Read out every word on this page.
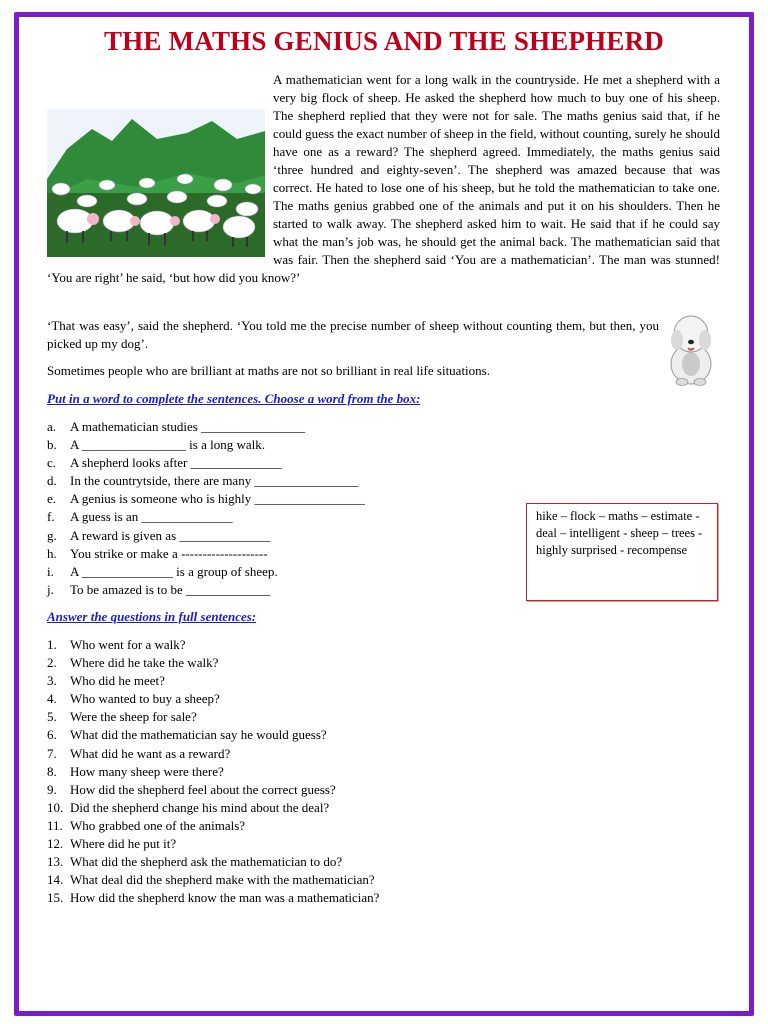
THE MATHS GENIUS AND THE SHEPHERD

A mathematician went for a long walk in the countryside. He met a shepherd with a very big flock of sheep. He asked the shepherd how much to buy one of his sheep. The shepherd replied that they were not for sale. The maths genius said that, if he could guess the exact number of sheep in the field, without counting, surely he should have one as a reward? The shepherd agreed. Immediately, the maths genius said ‘three hundred and eighty-seven’. The shepherd was amazed because that was correct. He hated to lose one of his sheep, but he told the mathematician to take one. The maths genius grabbed one of the animals and put it on his shoulders. Then he started to walk away. The shepherd asked him to wait. He said that if he could say what the man’s job was, he should get the animal back. The mathematician said that was fair. Then the shepherd said ‘You are a mathematician’. The man was stunned! ‘You are right’ he said, ‘but how did you know?’

‘That was easy’, said the shepherd. ‘You told me the precise number of sheep without counting them, but then, you picked up my dog’.

Sometimes people who are brilliant at maths are not so brilliant in real life situations.

Put in a word to complete the sentences. Choose a word from the box:

a.	A mathematician studies ________________
b.	A ________________ is a long walk.
c.	A shepherd looks after ______________
d.	In the countrytside, there are many ________________
e.	A genius is someone who is highly _________________
f.	A guess is an ______________
g.	A reward is given as ______________
h.	You strike or make a --------------------
i.	A ______________ is a group of sheep.
j.	To be amazed is to be _____________
hike – flock – maths – estimate - deal – intelligent - sheep – trees - highly surprised - recompense

Answer the questions in full sentences:

1.	Who went for a walk?
2.	Where did he take the walk?
3.	Who did he meet?
4.	Who wanted to buy a sheep?
5.	Were the sheep for sale?
6.	What did the mathematician say he would guess?
7.	What did he want as a reward?
8.	How many sheep were there?
9.	How did the shepherd feel about the correct guess?
10. Did the shepherd change his mind about the deal?
11. Who grabbed one of the animals?
12. Where did he put it?
13. What did the shepherd ask the mathematician to do?
14. What deal did the shepherd make with the mathematician?
15. How did the shepherd know the man was a mathematician?
